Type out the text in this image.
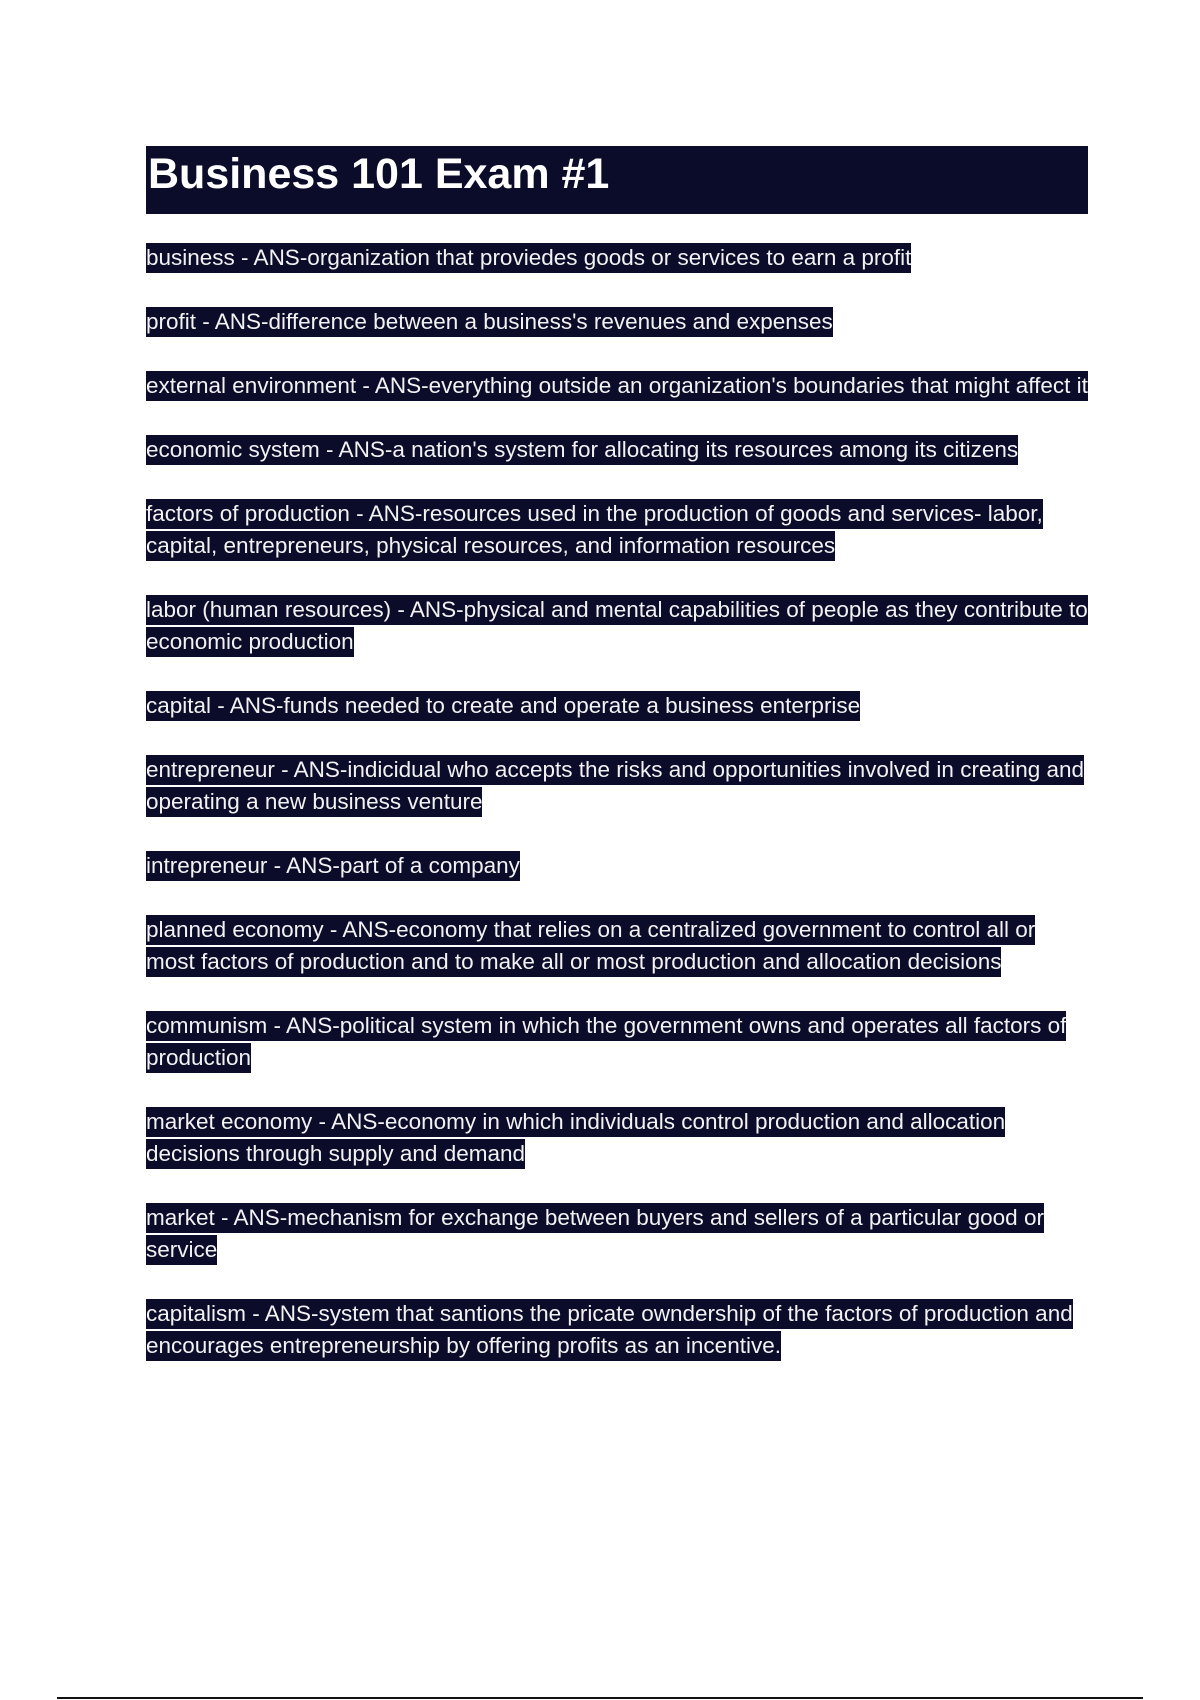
Business 101 Exam #1

business - ANS-organization that proviedes goods or services to earn a profit

profit - ANS-difference between a business's revenues and expenses

external environment - ANS-everything outside an organization's boundaries that might affect it

economic system - ANS-a nation's system for allocating its resources among its citizens

factors of production - ANS-resources used in the production of goods and services- labor, capital, entrepreneurs, physical resources, and information resources

labor (human resources) - ANS-physical and mental capabilities of people as they contribute to economic production

capital - ANS-funds needed to create and operate a business enterprise

entrepreneur - ANS-indicidual who accepts the risks and opportunities involved in creating and operating a new business venture

intrepreneur - ANS-part of a company

planned economy - ANS-economy that relies on a centralized government to control all or most factors of production and to make all or most production and allocation decisions

communism - ANS-political system in which the government owns and operates all factors of production

market economy - ANS-economy in which individuals control production and allocation decisions through supply and demand

market - ANS-mechanism for exchange between buyers and sellers of a particular good or service

capitalism - ANS-system that santions the pricate owndership of the factors of production and encourages entrepreneurship by offering profits as an incentive.
